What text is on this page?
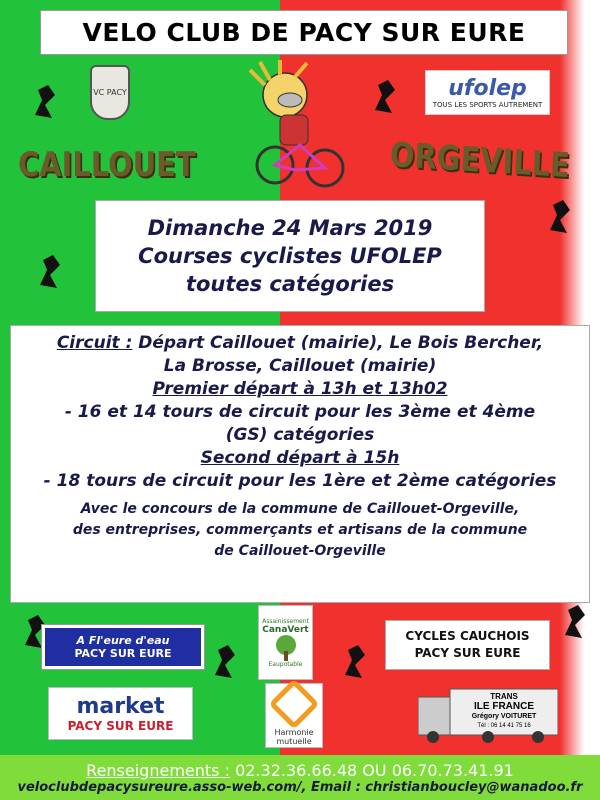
VELO CLUB DE PACY SUR EURE
VC PACY	ufolep
TOUS LES SPORTS AUTREMENT
CAILLOUET	ORGEVILLE
Dimanche 24 Mars 2019
Courses cyclistes UFOLEP
toutes catégories
Circuit : Départ Caillouet (mairie), Le Bois Bercher,
La Brosse, Caillouet (mairie)
Premier départ à 13h et 13h02
- 16 et 14 tours de circuit pour les 3ème et 4ème
(GS) catégories
Second départ à 15h
- 18 tours de circuit pour les 1ère et 2ème catégories
Avec le concours de la commune de Caillouet-Orgeville,
des entreprises, commerçants et artisans de la commune
de Caillouet-Orgeville
A Fl'eure d'eau
PACY SUR EURE
Assainissement
CanaVert
Eaupotable
CYCLES CAUCHOIS
PACY SUR EURE
market
PACY SUR EURE	Harmonie
mutuelle
TRANS
ILE FRANCE
Grégory VOITURET
Tél : 06 14 41 75 16
Renseignements : 02.32.36.66.48 OU 06.70.73.41.91
veloclubdepacysureure.asso-web.com/, Email : christianboucley@wanadoo.fr
